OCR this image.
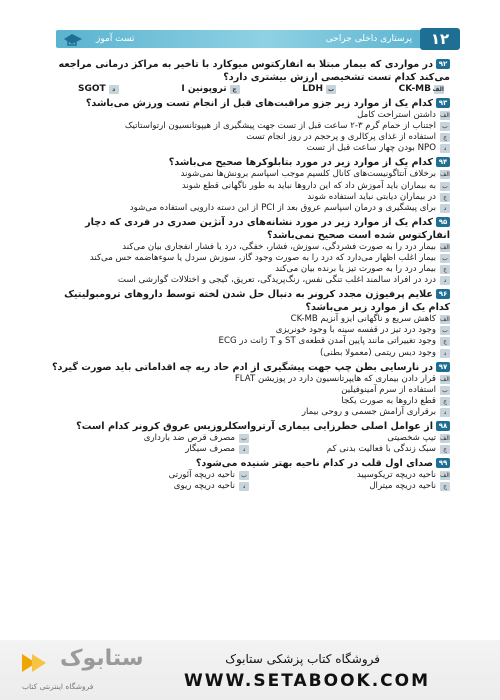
تست آموز	پرستاری داخلی جراحی	۱۲
۹۲در مواردی که بیمار مبتلا به انفارکتوس میوکارد با تاخیر به مراکز درمانی مراجعه می‌کند کدام تست تشخیصی ارزش بیشتری دارد؟
الف
CK-MB
ب
LDH
ج
تروپونین I
د
SGOT
۹۳کدام یک از موارد زیر جزو مراقبت‌های قبل از انجام تست ورزش می‌باشد؟
الف
داشتن استراحت کامل
ب
اجتناب از حمام گرم ۳-۲ ساعت قبل از تست جهت پیشگیری از هیپوتانسیون ارتواستاتیک
ج
استفاده از غذای پرکالری و پرحجم در روز انجام تست
د
NPO بودن چهار ساعت قبل از تست
۹۴کدام یک از موارد زیر در مورد بتابلوکرها صحیح می‌باشد؟
الف
برخلاف آنتاگونیست‌های کانال کلسیم موجب اسپاسم برونش‌ها نمی‌شوند
ب
به بیماران باید آموزش داد که این داروها نباید به طور ناگهانی قطع شوند
ج
در بیماران دیابتی نباید استفاده شوند
د
برای پیشگیری و درمان اسپاسم عروق بعد از PCI از این دسته دارویی استفاده می‌شود
۹۵کدام یک از موارد زیر در مورد نشانه‌های درد آنژین صدری در فردی که دچار انفارکتوس شده است صحیح نمی‌باشد؟
الف
بیمار درد را به صورت فشردگی، سوزش، فشار، خفگی، درد یا فشار انفجاری بیان می‌کند
ب
بیمار اغلب اظهار می‌دارد که درد را به صورت وجود گاز، سوزش سردل یا سوءهاضمه حس می‌کند
ج
بیمار درد را به صورت تیز یا برنده بیان می‌کند
د
درد در افراد سالمند اغلب تنگی نفس، رنگ‌پریدگی، تعریق، گیجی و اختلالات گوارشی است
۹۶علایم پرفیوژن مجدد کرونر به دنبال حل شدن لخته توسط داروهای ترومبولیتیک کدام یک از موارد زیر می‌باشد؟
الف
کاهش سریع و ناگهانی ایزو آنزیم CK-MB
ب
وجود درد تیز در قفسه سینه با وجود خونریزی
ج
وجود تغییراتی مانند پایین آمدن قطعه‌ی ST و T ژانت در ECG
د
وجود دیس ریتمی (معمولا بطنی)
۹۷در نارسایی بطن چپ جهت پیشگیری از ادم حاد ریه چه اقداماتی باید صورت گیرد؟
الف
قرار دادن بیماری که هایپرتانسیون دارد در پوزیشن FLAT
ب
استفاده از سرم آمینوفیلین
ج
قطع داروها به صورت یکجا
د
برقراری آرامش جسمی و روحی بیمار
۹۸از عوامل اصلی خطرزایی بیماری آرترواسکلروزیس عروق کرونر کدام است؟
الف
تیپ شخصیتی
ب
مصرف قرص ضد بارداری
ج
سبک زندگی با فعالیت بدنی کم
د
مصرف سیگار
۹۹صدای اول قلب در کدام ناحیه بهتر شنیده می‌شود؟
الف
ناحیه دریچه تریکوسپید
ب
ناحیه دریچه آئورتی
ج
ناحیه دریچه میترال
د
ناحیه دریچه ریوی
ستابوک
فروشگاه اینترنتی کتاب
فروشگاه کتاب پزشکی ستابوک
WWW.SETABOOK.COM
